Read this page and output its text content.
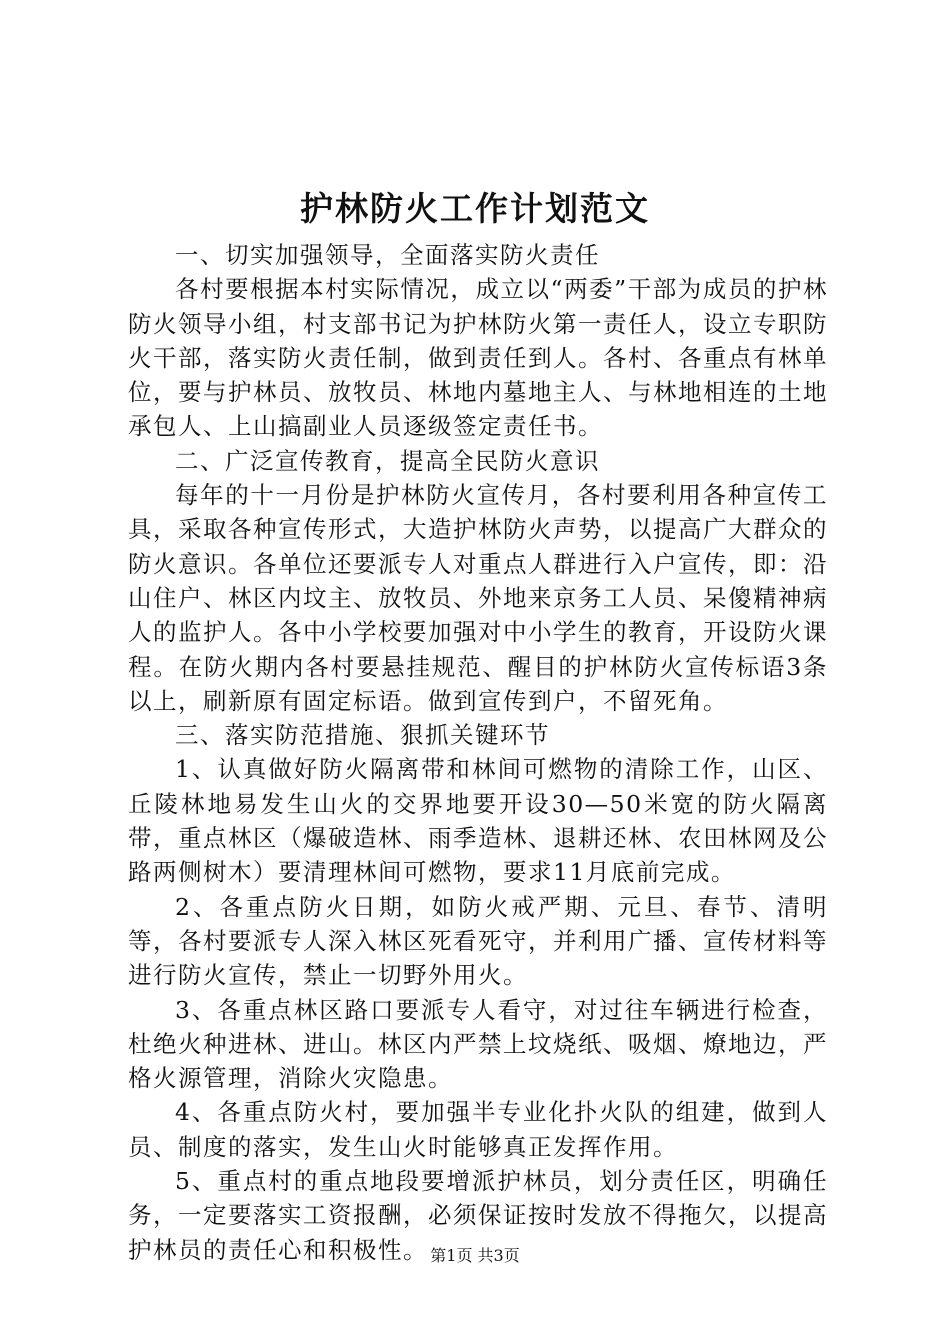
护林防火工作计划范文

一、切实加强领导，全面落实防火责任

各村要根据本村实际情况，成立以“两委”干部为成员的护林防火领导小组，村支部书记为护林防火第一责任人，设立专职防火干部，落实防火责任制，做到责任到人。各村、各重点有林单位，要与护林员、放牧员、林地内墓地主人、与林地相连的土地承包人、上山搞副业人员逐级签定责任书。

二、广泛宣传教育，提高全民防火意识

每年的十一月份是护林防火宣传月，各村要利用各种宣传工具，采取各种宣传形式，大造护林防火声势，以提高广大群众的防火意识。各单位还要派专人对重点人群进行入户宣传，即：沿山住户、林区内坟主、放牧员、外地来京务工人员、呆傻精神病人的监护人。各中小学校要加强对中小学生的教育，开设防火课程。在防火期内各村要悬挂规范、醒目的护林防火宣传标语3条以上，刷新原有固定标语。做到宣传到户，不留死角。

三、落实防范措施、狠抓关键环节

1、认真做好防火隔离带和林间可燃物的清除工作，山区、丘陵林地易发生山火的交界地要开设30—50米宽的防火隔离带，重点林区（爆破造林、雨季造林、退耕还林、农田林网及公路两侧树木）要清理林间可燃物，要求11月底前完成。

2、各重点防火日期，如防火戒严期、元旦、春节、清明等，各村要派专人深入林区死看死守，并利用广播、宣传材料等进行防火宣传，禁止一切野外用火。

3、各重点林区路口要派专人看守，对过往车辆进行检查，杜绝火种进林、进山。林区内严禁上坟烧纸、吸烟、燎地边，严格火源管理，消除火灾隐患。

4、各重点防火村，要加强半专业化扑火队的组建，做到人员、制度的落实，发生山火时能够真正发挥作用。

5、重点村的重点地段要增派护林员，划分责任区，明确任务，一定要落实工资报酬，必须保证按时发放不得拖欠，以提高护林员的责任心和积极性。 第1页 共3页
